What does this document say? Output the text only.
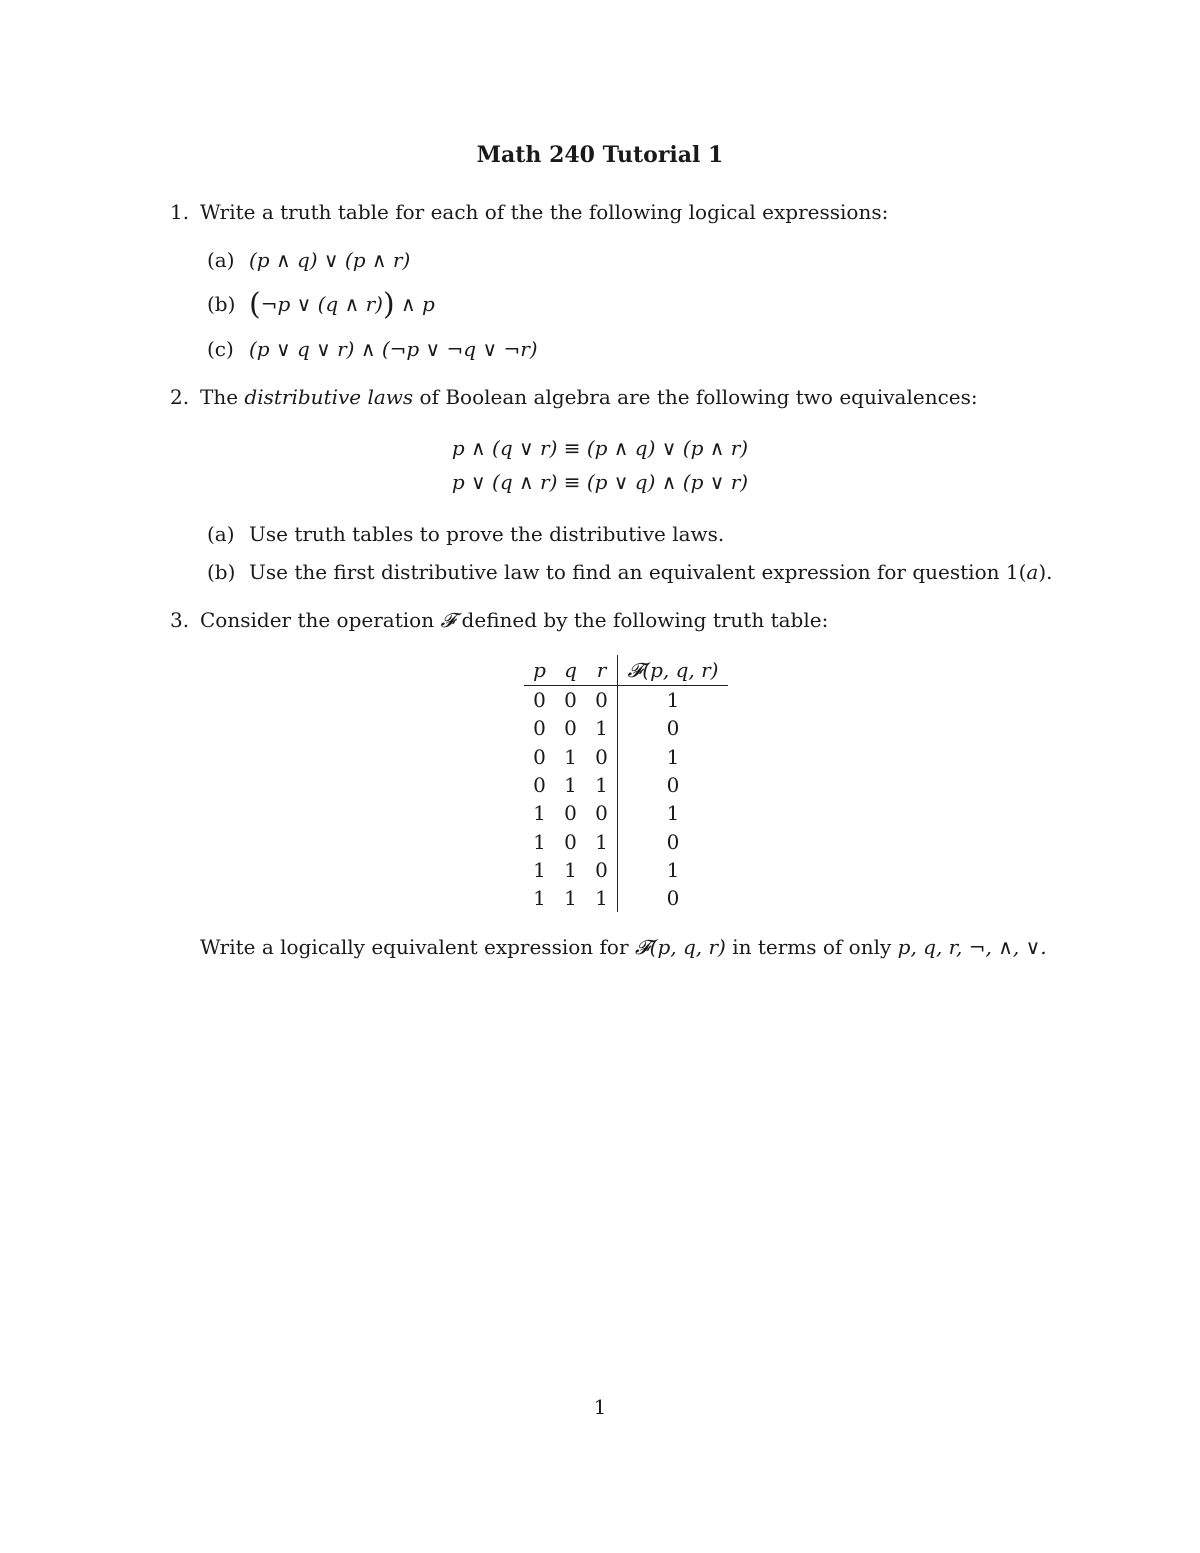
Math 240 Tutorial 1
1. Write a truth table for each of the the following logical expressions:
(a) (p ∧ q) ∨ (p ∧ r)
(b) (¬p ∨ (q ∧ r)) ∧ p
(c) (p ∨ q ∨ r) ∧ (¬p ∨ ¬q ∨ ¬r)
2. The distributive laws of Boolean algebra are the following two equivalences:
p ∧ (q ∨ r) ≡ (p ∧ q) ∨ (p ∧ r)
p ∨ (q ∧ r) ≡ (p ∨ q) ∧ (p ∨ r)
(a) Use truth tables to prove the distributive laws.
(b) Use the first distributive law to find an equivalent expression for question 1(a).
3. Consider the operation 𝓕 defined by the following truth table:
p	q	r	𝓕(p, q, r)
0	0	0	1
0	0	1	0
0	1	0	1
0	1	1	0
1	0	0	1
1	0	1	0
1	1	0	1
1	1	1	0
Write a logically equivalent expression for 𝓕(p, q, r) in terms of only p, q, r, ¬, ∧, ∨.
1
